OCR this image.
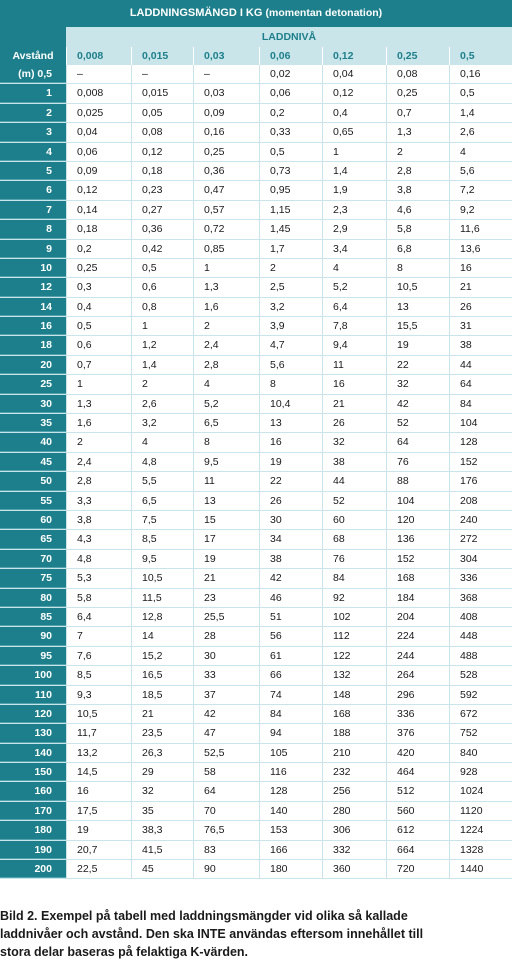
LADDNINGSMÄNGD I KG (momentan detonation)
LADDNIVÅ
Avstånd	0,008	0,015	0,03	0,06	0,12	0,25	0,5
(m) 0,5	–	–	–	0,02	0,04	0,08	0,16
1	0,008	0,015	0,03	0,06	0,12	0,25	0,5
2	0,025	0,05	0,09	0,2	0,4	0,7	1,4
3	0,04	0,08	0,16	0,33	0,65	1,3	2,6
4	0,06	0,12	0,25	0,5	1	2	4
5	0,09	0,18	0,36	0,73	1,4	2,8	5,6
6	0,12	0,23	0,47	0,95	1,9	3,8	7,2
7	0,14	0,27	0,57	1,15	2,3	4,6	9,2
8	0,18	0,36	0,72	1,45	2,9	5,8	11,6
9	0,2	0,42	0,85	1,7	3,4	6,8	13,6
10	0,25	0,5	1	2	4	8	16
12	0,3	0,6	1,3	2,5	5,2	10,5	21
14	0,4	0,8	1,6	3,2	6,4	13	26
16	0,5	1	2	3,9	7,8	15,5	31
18	0,6	1,2	2,4	4,7	9,4	19	38
20	0,7	1,4	2,8	5,6	11	22	44
25	1	2	4	8	16	32	64
30	1,3	2,6	5,2	10,4	21	42	84
35	1,6	3,2	6,5	13	26	52	104
40	2	4	8	16	32	64	128
45	2,4	4,8	9,5	19	38	76	152
50	2,8	5,5	11	22	44	88	176
55	3,3	6,5	13	26	52	104	208
60	3,8	7,5	15	30	60	120	240
65	4,3	8,5	17	34	68	136	272
70	4,8	9,5	19	38	76	152	304
75	5,3	10,5	21	42	84	168	336
80	5,8	11,5	23	46	92	184	368
85	6,4	12,8	25,5	51	102	204	408
90	7	14	28	56	112	224	448
95	7,6	15,2	30	61	122	244	488
100	8,5	16,5	33	66	132	264	528
110	9,3	18,5	37	74	148	296	592
120	10,5	21	42	84	168	336	672
130	11,7	23,5	47	94	188	376	752
140	13,2	26,3	52,5	105	210	420	840
150	14,5	29	58	116	232	464	928
160	16	32	64	128	256	512	1024
170	17,5	35	70	140	280	560	1120
180	19	38,3	76,5	153	306	612	1224
190	20,7	41,5	83	166	332	664	1328
200	22,5	45	90	180	360	720	1440
Bild 2. Exempel på tabell med laddningsmängder vid olika så kallade
laddnivåer och avstånd. Den ska INTE användas eftersom innehållet till
stora delar baseras på felaktiga K-värden.
